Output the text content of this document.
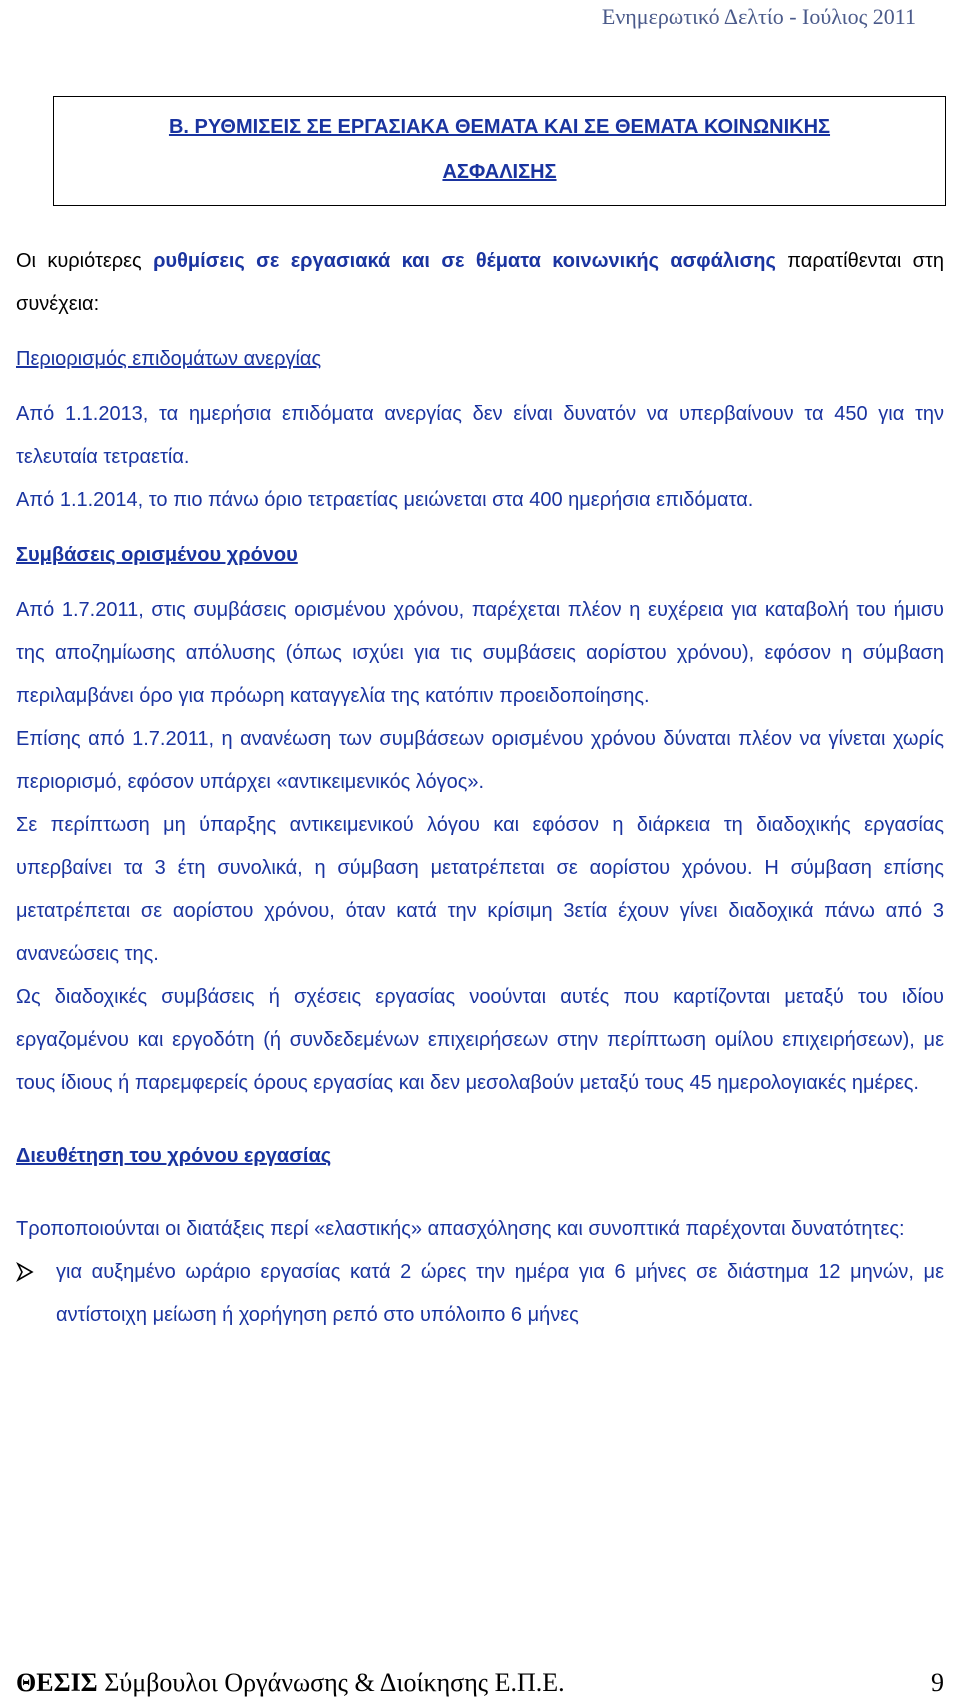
Ενημερωτικό Δελτίο - Ιούλιος 2011
Β. ΡΥΘΜΙΣΕΙΣ ΣΕ ΕΡΓΑΣΙΑΚΑ ΘΕΜΑΤΑ ΚΑΙ ΣΕ ΘΕΜΑΤΑ ΚΟΙΝΩΝΙΚΗΣ
ΑΣΦΑΛΙΣΗΣ

Οι κυριότερες ρυθμίσεις σε εργασιακά και σε θέματα κοινωνικής ασφάλισης παρατίθενται στη συνέχεια:

Περιορισμός επιδομάτων ανεργίας

Από 1.1.2013, τα ημερήσια επιδόματα ανεργίας δεν είναι δυνατόν να υπερβαίνουν τα 450 για την τελευταία τετραετία.

Από 1.1.2014, το πιο πάνω όριο τετραετίας μειώνεται στα 400 ημερήσια επιδόματα.

Συμβάσεις ορισμένου χρόνου

Από 1.7.2011, στις συμβάσεις ορισμένου χρόνου, παρέχεται πλέον η ευχέρεια για καταβολή του ήμισυ της αποζημίωσης απόλυσης (όπως ισχύει για τις συμβάσεις αορίστου χρόνου), εφόσον η σύμβαση περιλαμβάνει όρο για πρόωρη καταγγελία της κατόπιν προειδοποίησης.

Επίσης από 1.7.2011, η ανανέωση των συμβάσεων ορισμένου χρόνου δύναται πλέον να γίνεται χωρίς περιορισμό, εφόσον υπάρχει «αντικειμενικός λόγος».

Σε περίπτωση μη ύπαρξης αντικειμενικού λόγου και εφόσον η διάρκεια τη διαδοχικής εργασίας υπερβαίνει τα 3 έτη συνολικά, η σύμβαση μετατρέπεται σε αορίστου χρόνου. Η σύμβαση επίσης μετατρέπεται σε αορίστου χρόνου, όταν κατά την κρίσιμη 3ετία έχουν γίνει διαδοχικά πάνω από 3 ανανεώσεις της.

Ως διαδοχικές συμβάσεις ή σχέσεις εργασίας νοούνται αυτές που καρτίζονται μεταξύ του ιδίου εργαζομένου και εργοδότη (ή συνδεδεμένων επιχειρήσεων στην περίπτωση ομίλου επιχειρήσεων), με τους ίδιους ή παρεμφερείς όρους εργασίας και δεν μεσολαβούν μεταξύ τους 45 ημερολογιακές ημέρες.

Διευθέτηση του χρόνου εργασίας

Τροποποιούνται οι διατάξεις περί «ελαστικής» απασχόλησης και συνοπτικά παρέχονται δυνατότητες:

για αυξημένο ωράριο εργασίας κατά 2 ώρες την ημέρα για 6 μήνες σε διάστημα 12 μηνών, με αντίστοιχη μείωση ή χορήγηση ρεπό στο υπόλοιπο 6 μήνες
ΘΕΣΙΣ Σύμβουλοι Οργάνωσης & Διοίκησης Ε.Π.Ε.	9
